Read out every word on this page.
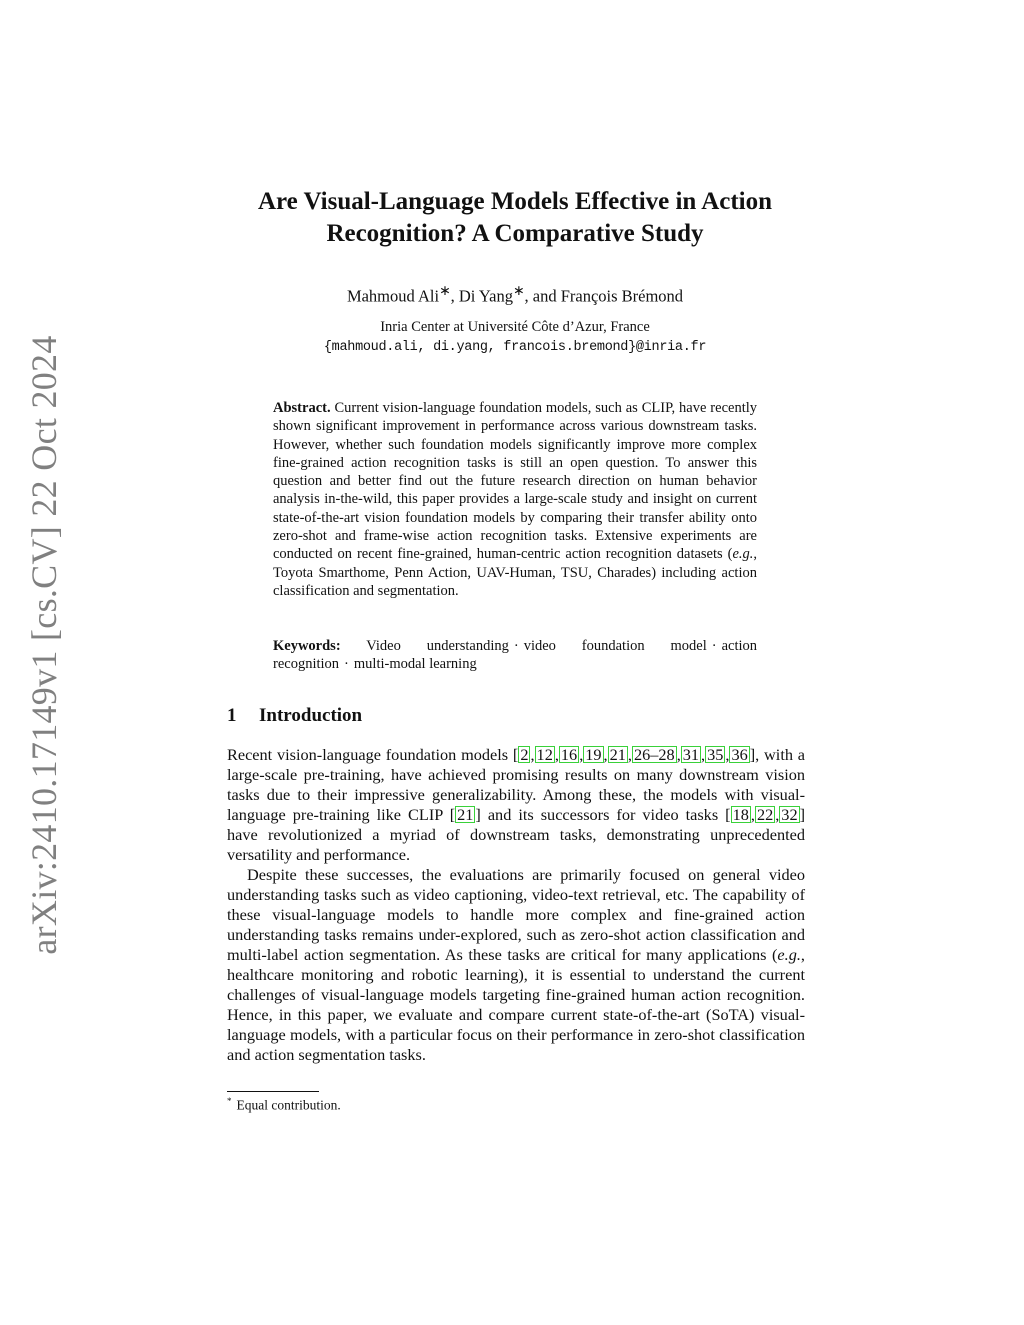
arXiv:2410.17149v1 [cs.CV] 22 Oct 2024
Are Visual-Language Models Effective in Action
Recognition? A Comparative Study
Mahmoud Ali∗, Di Yang∗, and François Brémond
Inria Center at Université Côte d’Azur, France
{mahmoud.ali, di.yang, francois.bremond}@inria.fr
Abstract. Current vision-language foundation models, such as CLIP, have recently shown significant improvement in performance across various downstream tasks. However, whether such foundation models significantly improve more complex fine-grained action recognition tasks is still an open question. To answer this question and better find out the future research direction on human behavior analysis in-the-wild, this paper provides a large-scale study and insight on current state-of-the-art vision foundation models by comparing their transfer ability onto zero-shot and frame-wise action recognition tasks. Extensive experiments are conducted on recent fine-grained, human-centric action recognition datasets (e.g., Toyota Smarthome, Penn Action, UAV-Human, TSU, Charades) including action classification and segmentation.
Keywords: Video understanding · video foundation model · action recognition · multi-modal learning
1 Introduction

Recent vision-language foundation models [ 2 , 12 , 16 , 19 , 21 , 26–28 , 31 , 35 , 36 ], with a large-scale pre-training, have achieved promising results on many downstream vision tasks due to their impressive generalizability. Among these, the models with visual-language pre-training like CLIP [ 21 ] and its successors for video tasks [ 18 , 22 , 32 ] have revolutionized a myriad of downstream tasks, demonstrating unprecedented versatility and performance.

Despite these successes, the evaluations are primarily focused on general video understanding tasks such as video captioning, video-text retrieval, etc. The capability of these visual-language models to handle more complex and fine-grained action understanding tasks remains under-explored, such as zero-shot action classification and multi-label action segmentation. As these tasks are critical for many applications (e.g., healthcare monitoring and robotic learning), it is essential to understand the current challenges of visual-language models targeting fine-grained human action recognition. Hence, in this paper, we evaluate and compare current state-of-the-art (SoTA) visual-language models, with a particular focus on their performance in zero-shot classification and action segmentation tasks.

* Equal contribution.
